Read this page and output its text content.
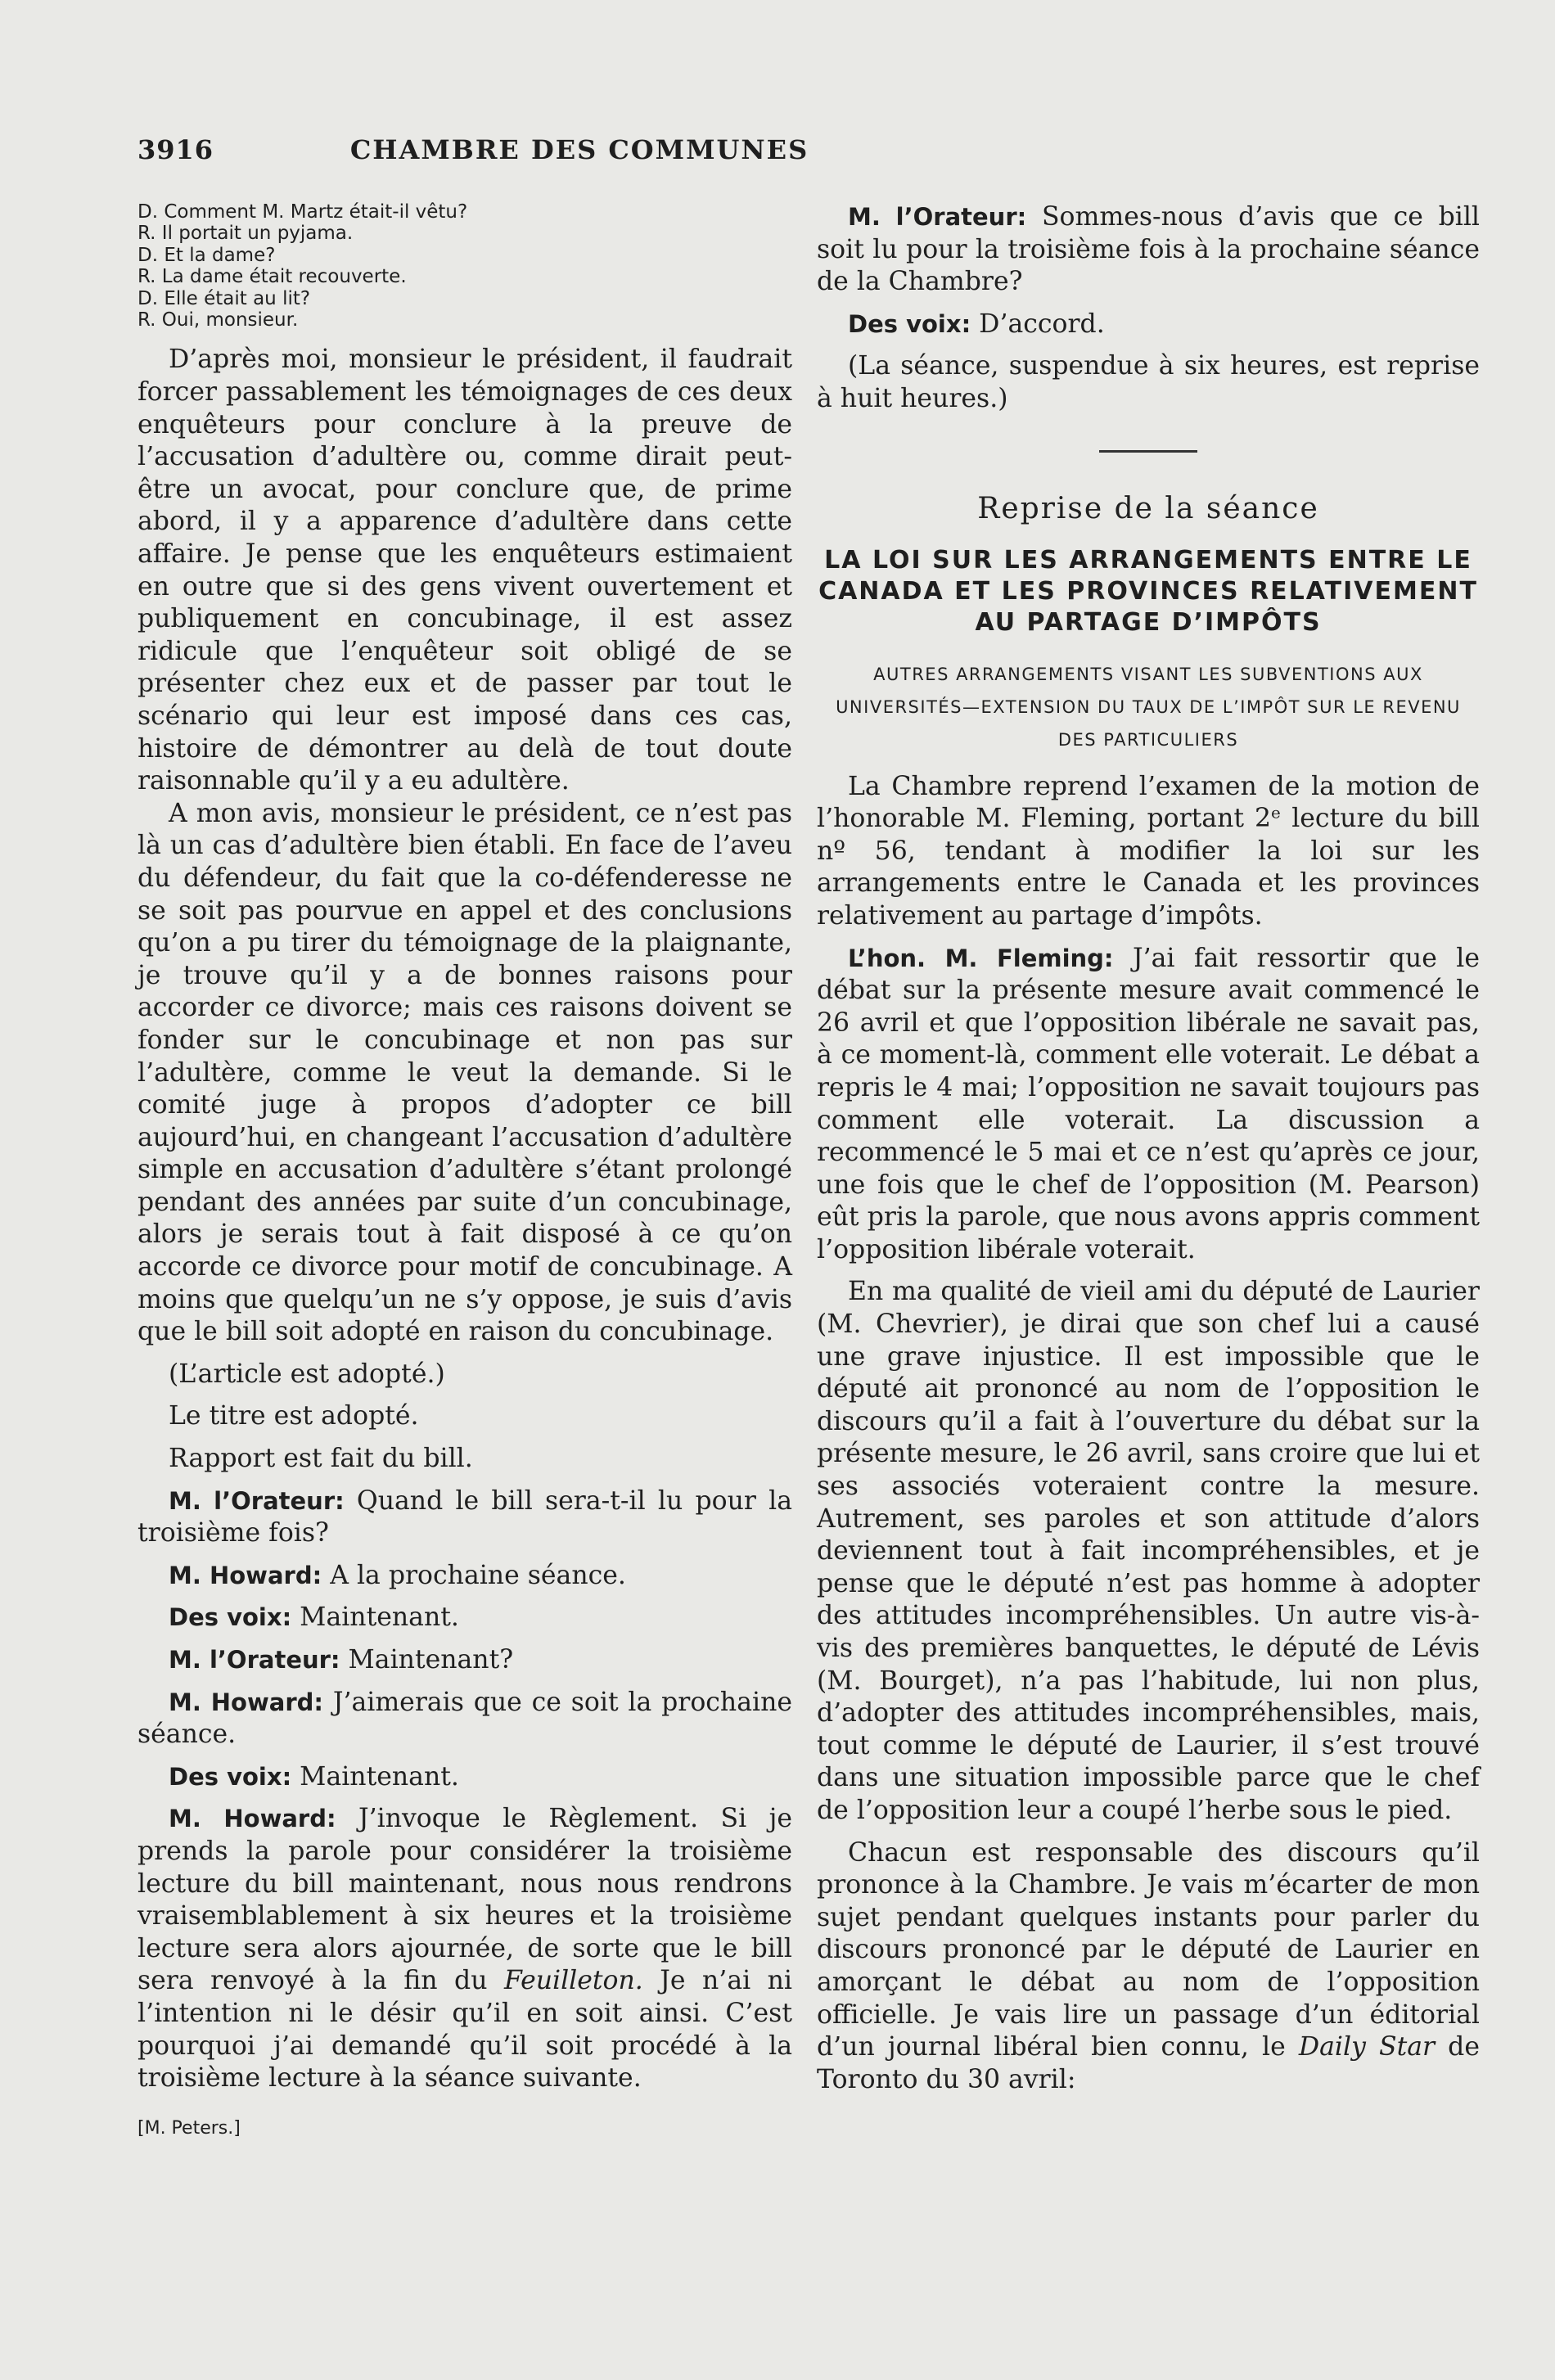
3916	CHAMBRE DES COMMUNES

D. Comment M. Martz était-il vêtu?

R. Il portait un pyjama.

D. Et la dame?

R. La dame était recouverte.

D. Elle était au lit?

R. Oui, monsieur.

D’après moi, monsieur le président, il faudrait forcer passablement les témoignages de ces deux enquêteurs pour conclure à la preuve de l’accusation d’adultère ou, comme dirait peut-être un avocat, pour conclure que, de prime abord, il y a apparence d’adultère dans cette affaire. Je pense que les enquêteurs estimaient en outre que si des gens vivent ouvertement et publiquement en concubinage, il est assez ridicule que l’enquêteur soit obligé de se présenter chez eux et de passer par tout le scénario qui leur est imposé dans ces cas, histoire de démontrer au delà de tout doute raisonnable qu’il y a eu adultère.

A mon avis, monsieur le président, ce n’est pas là un cas d’adultère bien établi. En face de l’aveu du défendeur, du fait que la co-défenderesse ne se soit pas pourvue en appel et des conclusions qu’on a pu tirer du témoignage de la plaignante, je trouve qu’il y a de bonnes raisons pour accorder ce divorce; mais ces raisons doivent se fonder sur le concubinage et non pas sur l’adultère, comme le veut la demande. Si le comité juge à propos d’adopter ce bill aujourd’hui, en changeant l’accusation d’adultère simple en accusation d’adultère s’étant prolongé pendant des années par suite d’un concubinage, alors je serais tout à fait disposé à ce qu’on accorde ce divorce pour motif de concubinage. A moins que quelqu’un ne s’y oppose, je suis d’avis que le bill soit adopté en raison du concubinage.

(L’article est adopté.)

Le titre est adopté.

Rapport est fait du bill.

M. l’Orateur: Quand le bill sera-t-il lu pour la troisième fois?

M. Howard: A la prochaine séance.

Des voix: Maintenant.

M. l’Orateur: Maintenant?

M. Howard: J’aimerais que ce soit la prochaine séance.

Des voix: Maintenant.

M. Howard: J’invoque le Règlement. Si je prends la parole pour considérer la troisième lecture du bill maintenant, nous nous rendrons vraisemblablement à six heures et la troisième lecture sera alors ajournée, de sorte que le bill sera renvoyé à la fin du Feuilleton. Je n’ai ni l’intention ni le désir qu’il en soit ainsi. C’est pourquoi j’ai demandé qu’il soit procédé à la troisième lecture à la séance suivante.

[M. Peters.]

M. l’Orateur: Sommes-nous d’avis que ce bill soit lu pour la troisième fois à la prochaine séance de la Chambre?

Des voix: D’accord.

(La séance, suspendue à six heures, est reprise à huit heures.)

Reprise de la séance
LA LOI SUR LES ARRANGEMENTS ENTRE LE CANADA ET LES PROVINCES RELATIVEMENT AU PARTAGE D’IMPÔTS
AUTRES ARRANGEMENTS VISANT LES SUBVENTIONS AUX UNIVERSITÉS—EXTENSION DU TAUX DE L’IMPÔT SUR LE REVENU DES PARTICULIERS

La Chambre reprend l’examen de la motion de l’honorable M. Fleming, portant 2ᵉ lecture du bill nº 56, tendant à modifier la loi sur les arrangements entre le Canada et les provinces relativement au partage d’impôts.

L’hon. M. Fleming: J’ai fait ressortir que le débat sur la présente mesure avait commencé le 26 avril et que l’opposition libérale ne savait pas, à ce moment-là, comment elle voterait. Le débat a repris le 4 mai; l’opposition ne savait toujours pas comment elle voterait. La discussion a recommencé le 5 mai et ce n’est qu’après ce jour, une fois que le chef de l’opposition (M. Pearson) eût pris la parole, que nous avons appris comment l’opposition libérale voterait.

En ma qualité de vieil ami du député de Laurier (M. Chevrier), je dirai que son chef lui a causé une grave injustice. Il est impossible que le député ait prononcé au nom de l’opposition le discours qu’il a fait à l’ouverture du débat sur la présente mesure, le 26 avril, sans croire que lui et ses associés voteraient contre la mesure. Autrement, ses paroles et son attitude d’alors deviennent tout à fait incompréhensibles, et je pense que le député n’est pas homme à adopter des attitudes incompréhensibles. Un autre vis-à-vis des premières banquettes, le député de Lévis (M. Bourget), n’a pas l’habitude, lui non plus, d’adopter des attitudes incompréhensibles, mais, tout comme le député de Laurier, il s’est trouvé dans une situation impossible parce que le chef de l’opposition leur a coupé l’herbe sous le pied.

Chacun est responsable des discours qu’il prononce à la Chambre. Je vais m’écarter de mon sujet pendant quelques instants pour parler du discours prononcé par le député de Laurier en amorçant le débat au nom de l’opposition officielle. Je vais lire un passage d’un éditorial d’un journal libéral bien connu, le Daily Star de Toronto du 30 avril:
